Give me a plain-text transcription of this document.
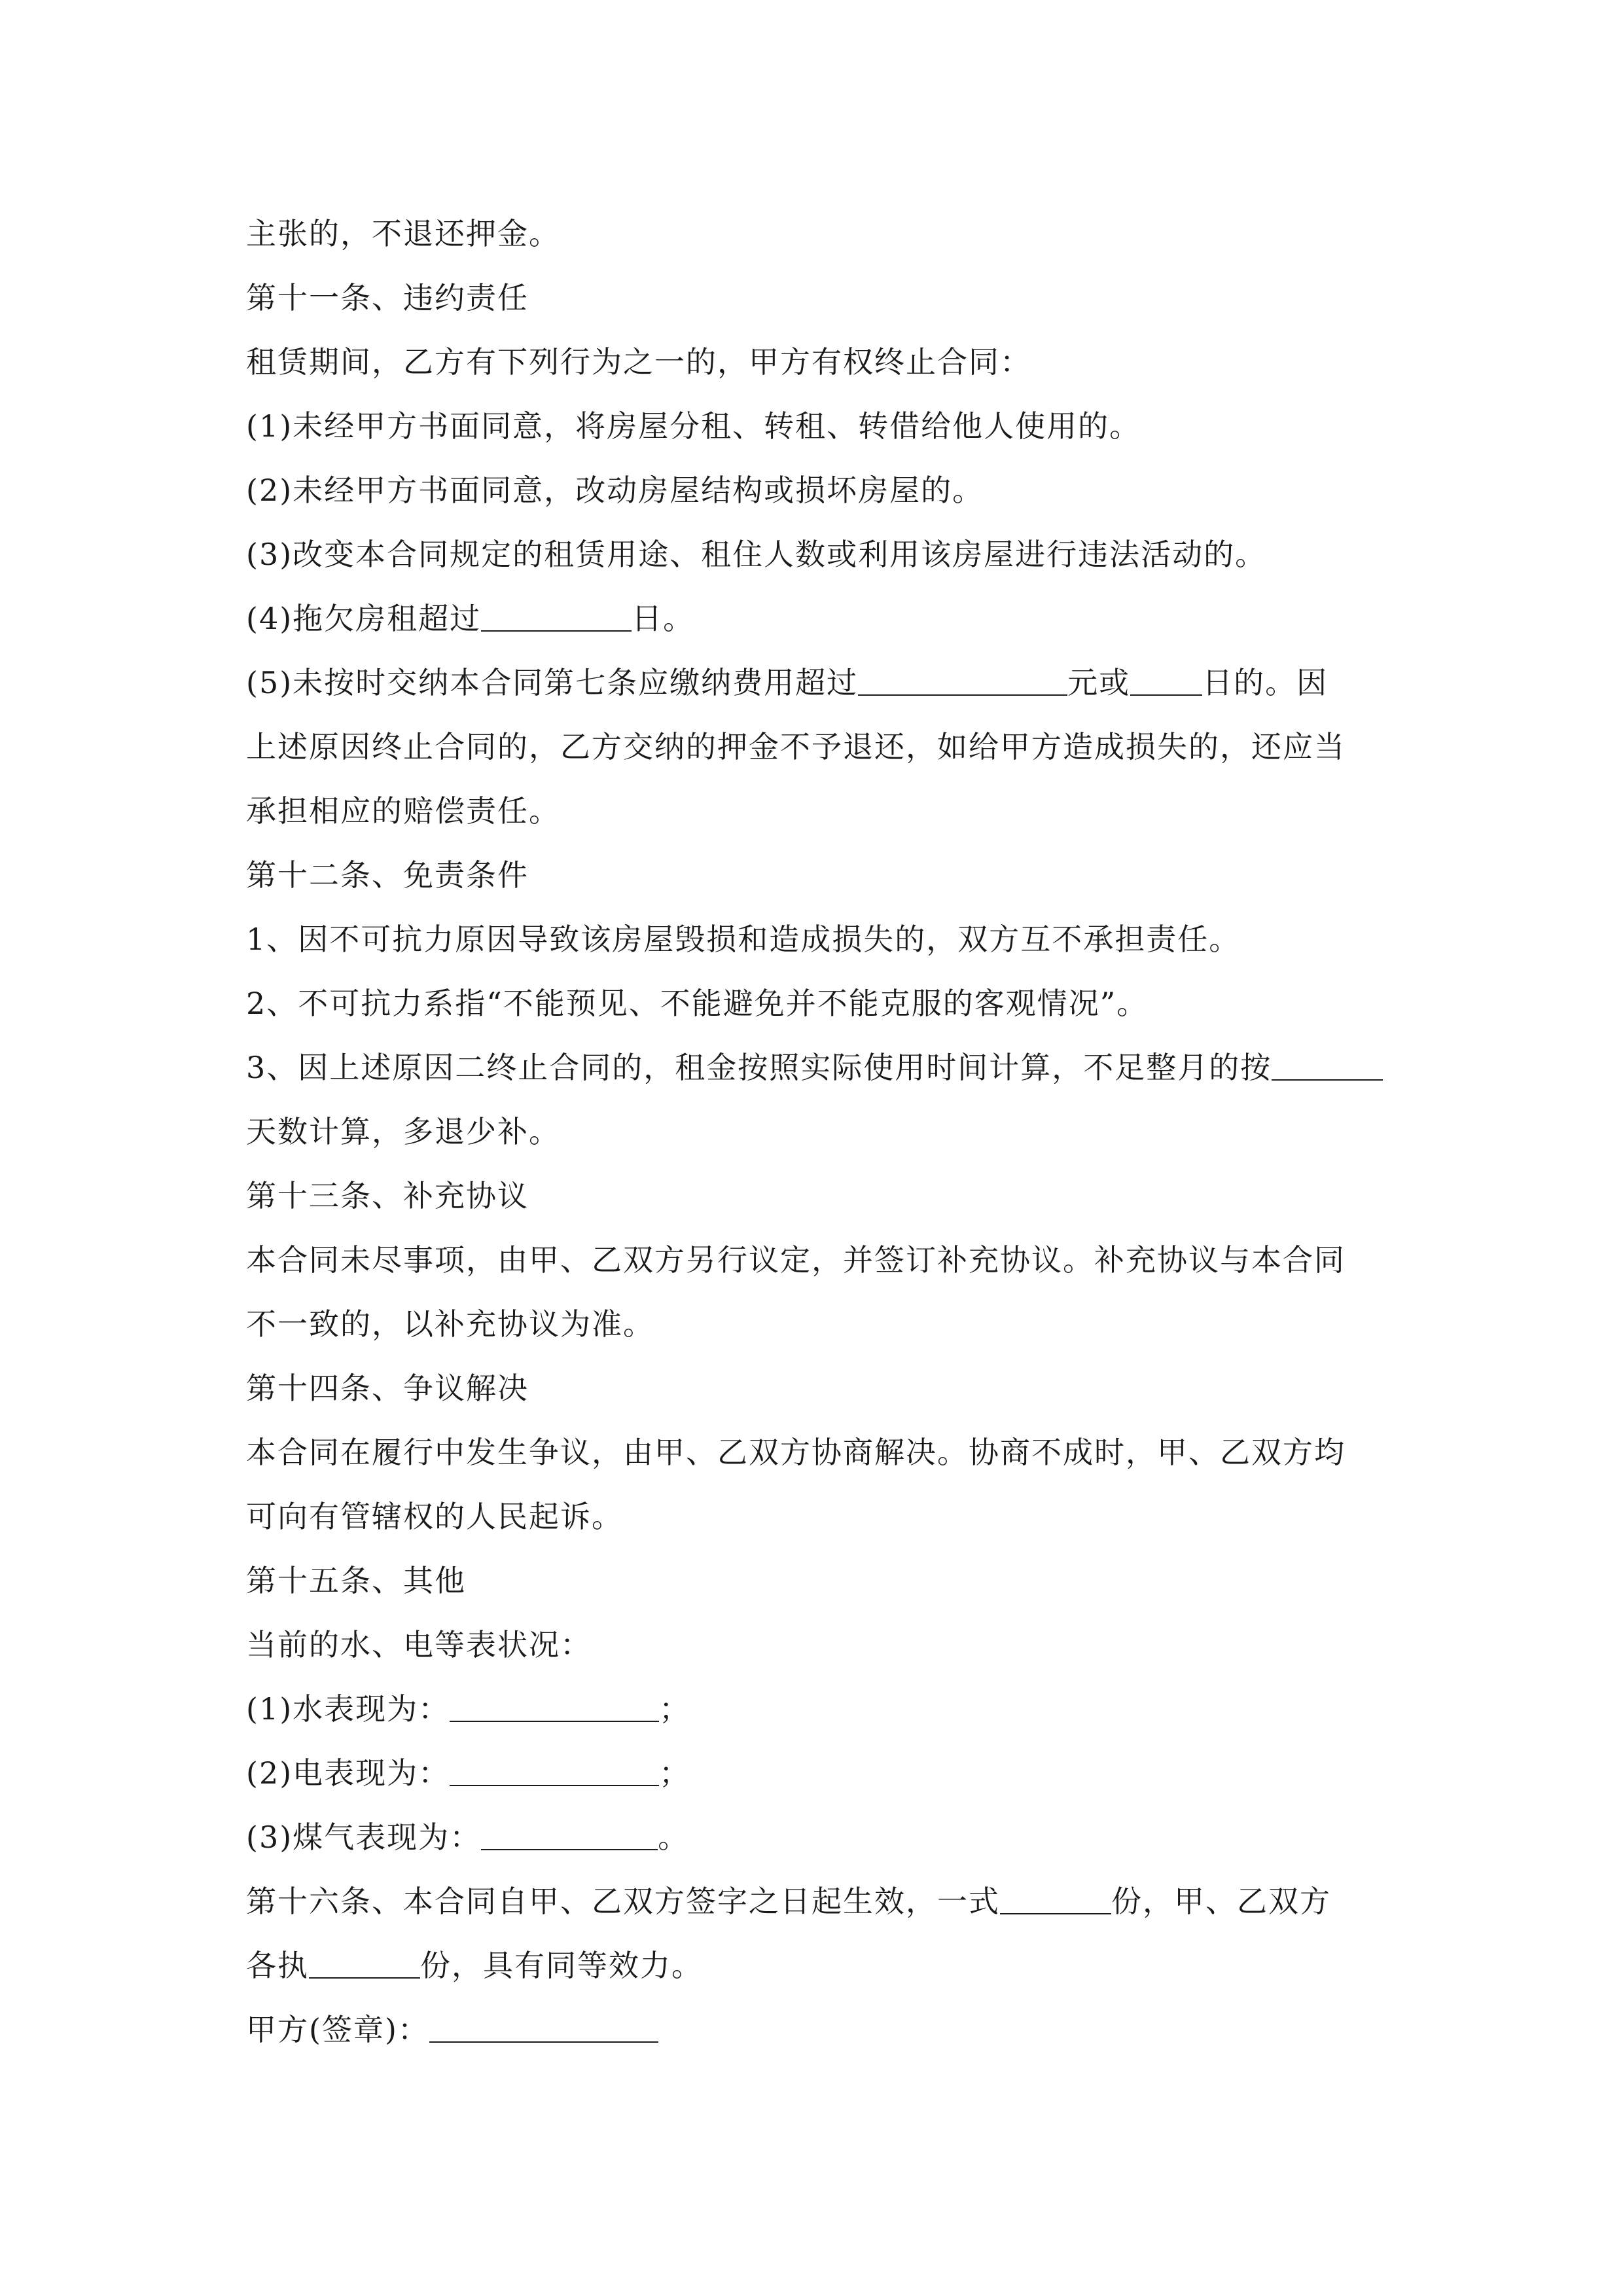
主张的，不退还押金。
第十一条、违约责任
租赁期间，乙方有下列行为之一的，甲方有权终止合同：
(1)未经甲方书面同意，将房屋分租、转租、转借给他人使用的。
(2)未经甲方书面同意，改动房屋结构或损坏房屋的。
(3)改变本合同规定的租赁用途、租住人数或利用该房屋进行违法活动的。
(4)拖欠房租超过	日。
(5)未按时交纳本合同第七条应缴纳费用超过	元或 日的。因
上述原因终止合同的，乙方交纳的押金不予退还，如给甲方造成损失的，还应当
承担相应的赔偿责任。
第十二条、免责条件
1、因不可抗力原因导致该房屋毁损和造成损失的，双方互不承担责任。
2、不可抗力系指“不能预见、不能避免并不能克服的客观情况”。
3、因上述原因二终止合同的，租金按照实际使用时间计算，不足整月的按
天数计算，多退少补。
第十三条、补充协议
本合同未尽事项，由甲、乙双方另行议定，并签订补充协议。补充协议与本合同
不一致的，以补充协议为准。
第十四条、争议解决
本合同在履行中发生争议，由甲、乙双方协商解决。协商不成时，甲、乙双方均
可向有管辖权的人民起诉。
第十五条、其他
当前的水、电等表状况：
(1)水表现为：	；
(2)电表现为：	；
(3)煤气表现为：	。
第十六条、本合同自甲、乙双方签字之日起生效，一式	份，甲、乙双方
各执	份，具有同等效力。
甲方(签章)：
